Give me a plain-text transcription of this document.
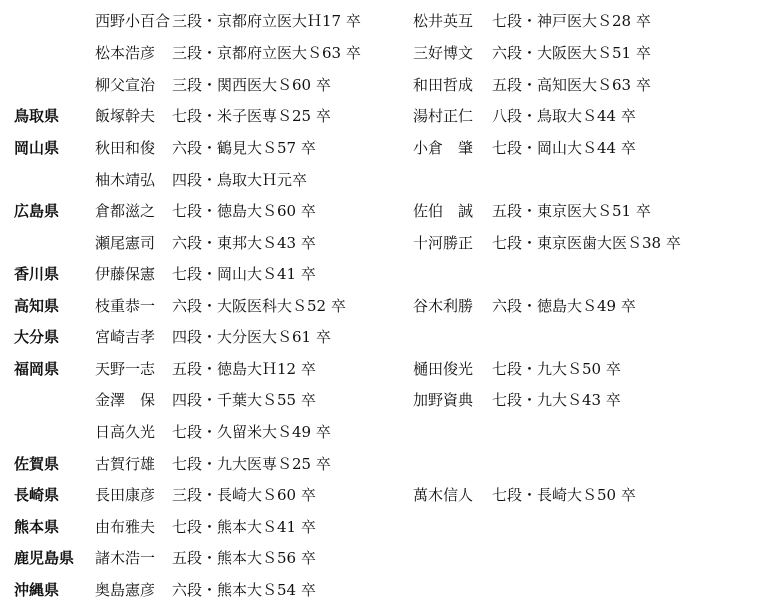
西野小百合 三段・京都府立医大Ｈ17 卒	松井英互 七段・神戸医大Ｓ28 卒
松本浩彦 三段・京都府立医大Ｓ63 卒	三好博文 六段・大阪医大Ｓ51 卒
柳父宣治 三段・関西医大Ｓ60 卒	和田哲成 五段・高知医大Ｓ63 卒
鳥取県 飯塚幹夫 七段・米子医専Ｓ25 卒	湯村正仁 八段・鳥取大Ｓ44 卒
岡山県 秋田和俊 六段・鶴見大Ｓ57 卒	小倉　肇 七段・岡山大Ｓ44 卒
柚木靖弘 四段・鳥取大Ｈ元卒
広島県 倉都滋之 七段・徳島大Ｓ60 卒	佐伯　誠 五段・東京医大Ｓ51 卒
瀬尾憲司 六段・東邦大Ｓ43 卒	十河勝正 七段・東京医歯大医Ｓ38 卒
香川県 伊藤保憲 七段・岡山大Ｓ41 卒
高知県 枝重恭一 六段・大阪医科大Ｓ52 卒	谷木利勝 六段・徳島大Ｓ49 卒
大分県 宮崎吉孝 四段・大分医大Ｓ61 卒
福岡県 天野一志 五段・徳島大Ｈ12 卒	樋田俊光 七段・九大Ｓ50 卒
金澤　保 四段・千葉大Ｓ55 卒	加野資典 七段・九大Ｓ43 卒
日高久光 七段・久留米大Ｓ49 卒
佐賀県 古賀行雄 七段・九大医専Ｓ25 卒
長崎県 長田康彦 三段・長崎大Ｓ60 卒	萬木信人 七段・長崎大Ｓ50 卒
熊本県 由布雅夫 七段・熊本大Ｓ41 卒
鹿児島県 諸木浩一 五段・熊本大Ｓ56 卒
沖縄県 奥島憲彦 六段・熊本大Ｓ54 卒
